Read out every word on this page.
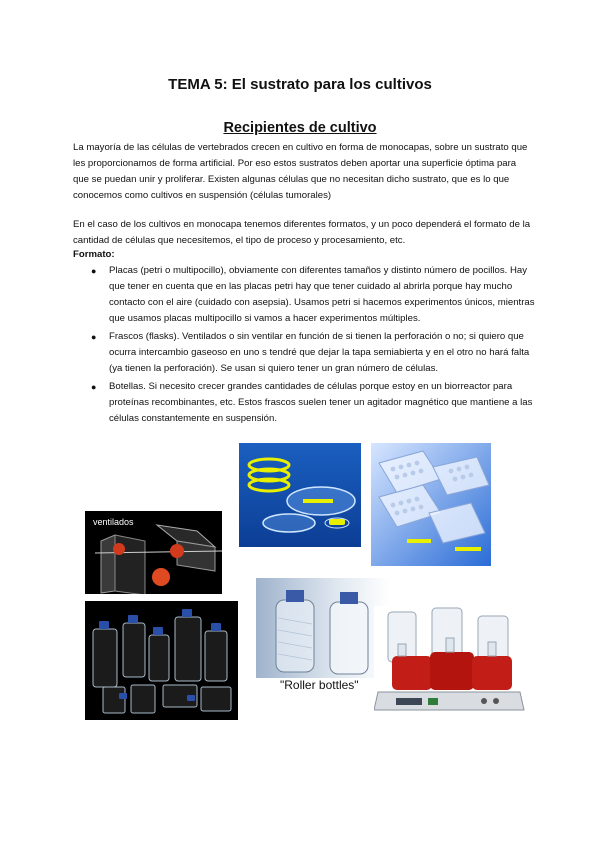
TEMA 5: El sustrato para los cultivos
Recipientes de cultivo

La mayoría de las células de vertebrados crecen en cultivo en forma de monocapas, sobre un sustrato que les proporcionamos de forma artificial. Por eso estos sustratos deben aportar una superficie óptima para que se puedan unir y proliferar. Existen algunas células que no necesitan dicho sustrato, que es lo que conocemos como cultivos en suspensión (células tumorales)

En el caso de los cultivos en monocapa tenemos diferentes formatos, y un poco dependerá el formato de la cantidad de células que necesitemos, el tipo de proceso y procesamiento, etc.

Formato:
● Placas (petri o multipocillo), obviamente con diferentes tamaños y distinto número de pocillos. Hay que tener en cuenta que en las placas petri hay que tener cuidado al abrirla porque hay mucho contacto con el aire (cuidado con asepsia). Usamos petri si hacemos experimentos únicos, mientras que usamos placas multipocillo si vamos a hacer experimentos múltiples.
● Frascos (flasks). Ventilados o sin ventilar en función de si tienen la perforación o no; si quiero que ocurra intercambio gaseoso en uno s tendré que dejar la tapa semiabierta y en el otro no hará falta (ya tienen la perforación). Se usan si quiero tener un gran número de células.
● Botellas. Si necesito crecer grandes cantidades de células porque estoy en un biorreactor para proteínas recombinantes, etc. Estos frascos suelen tener un agitador magnético que mantiene a las células constantemente en suspensión.
ventilados
"Roller bottles"
